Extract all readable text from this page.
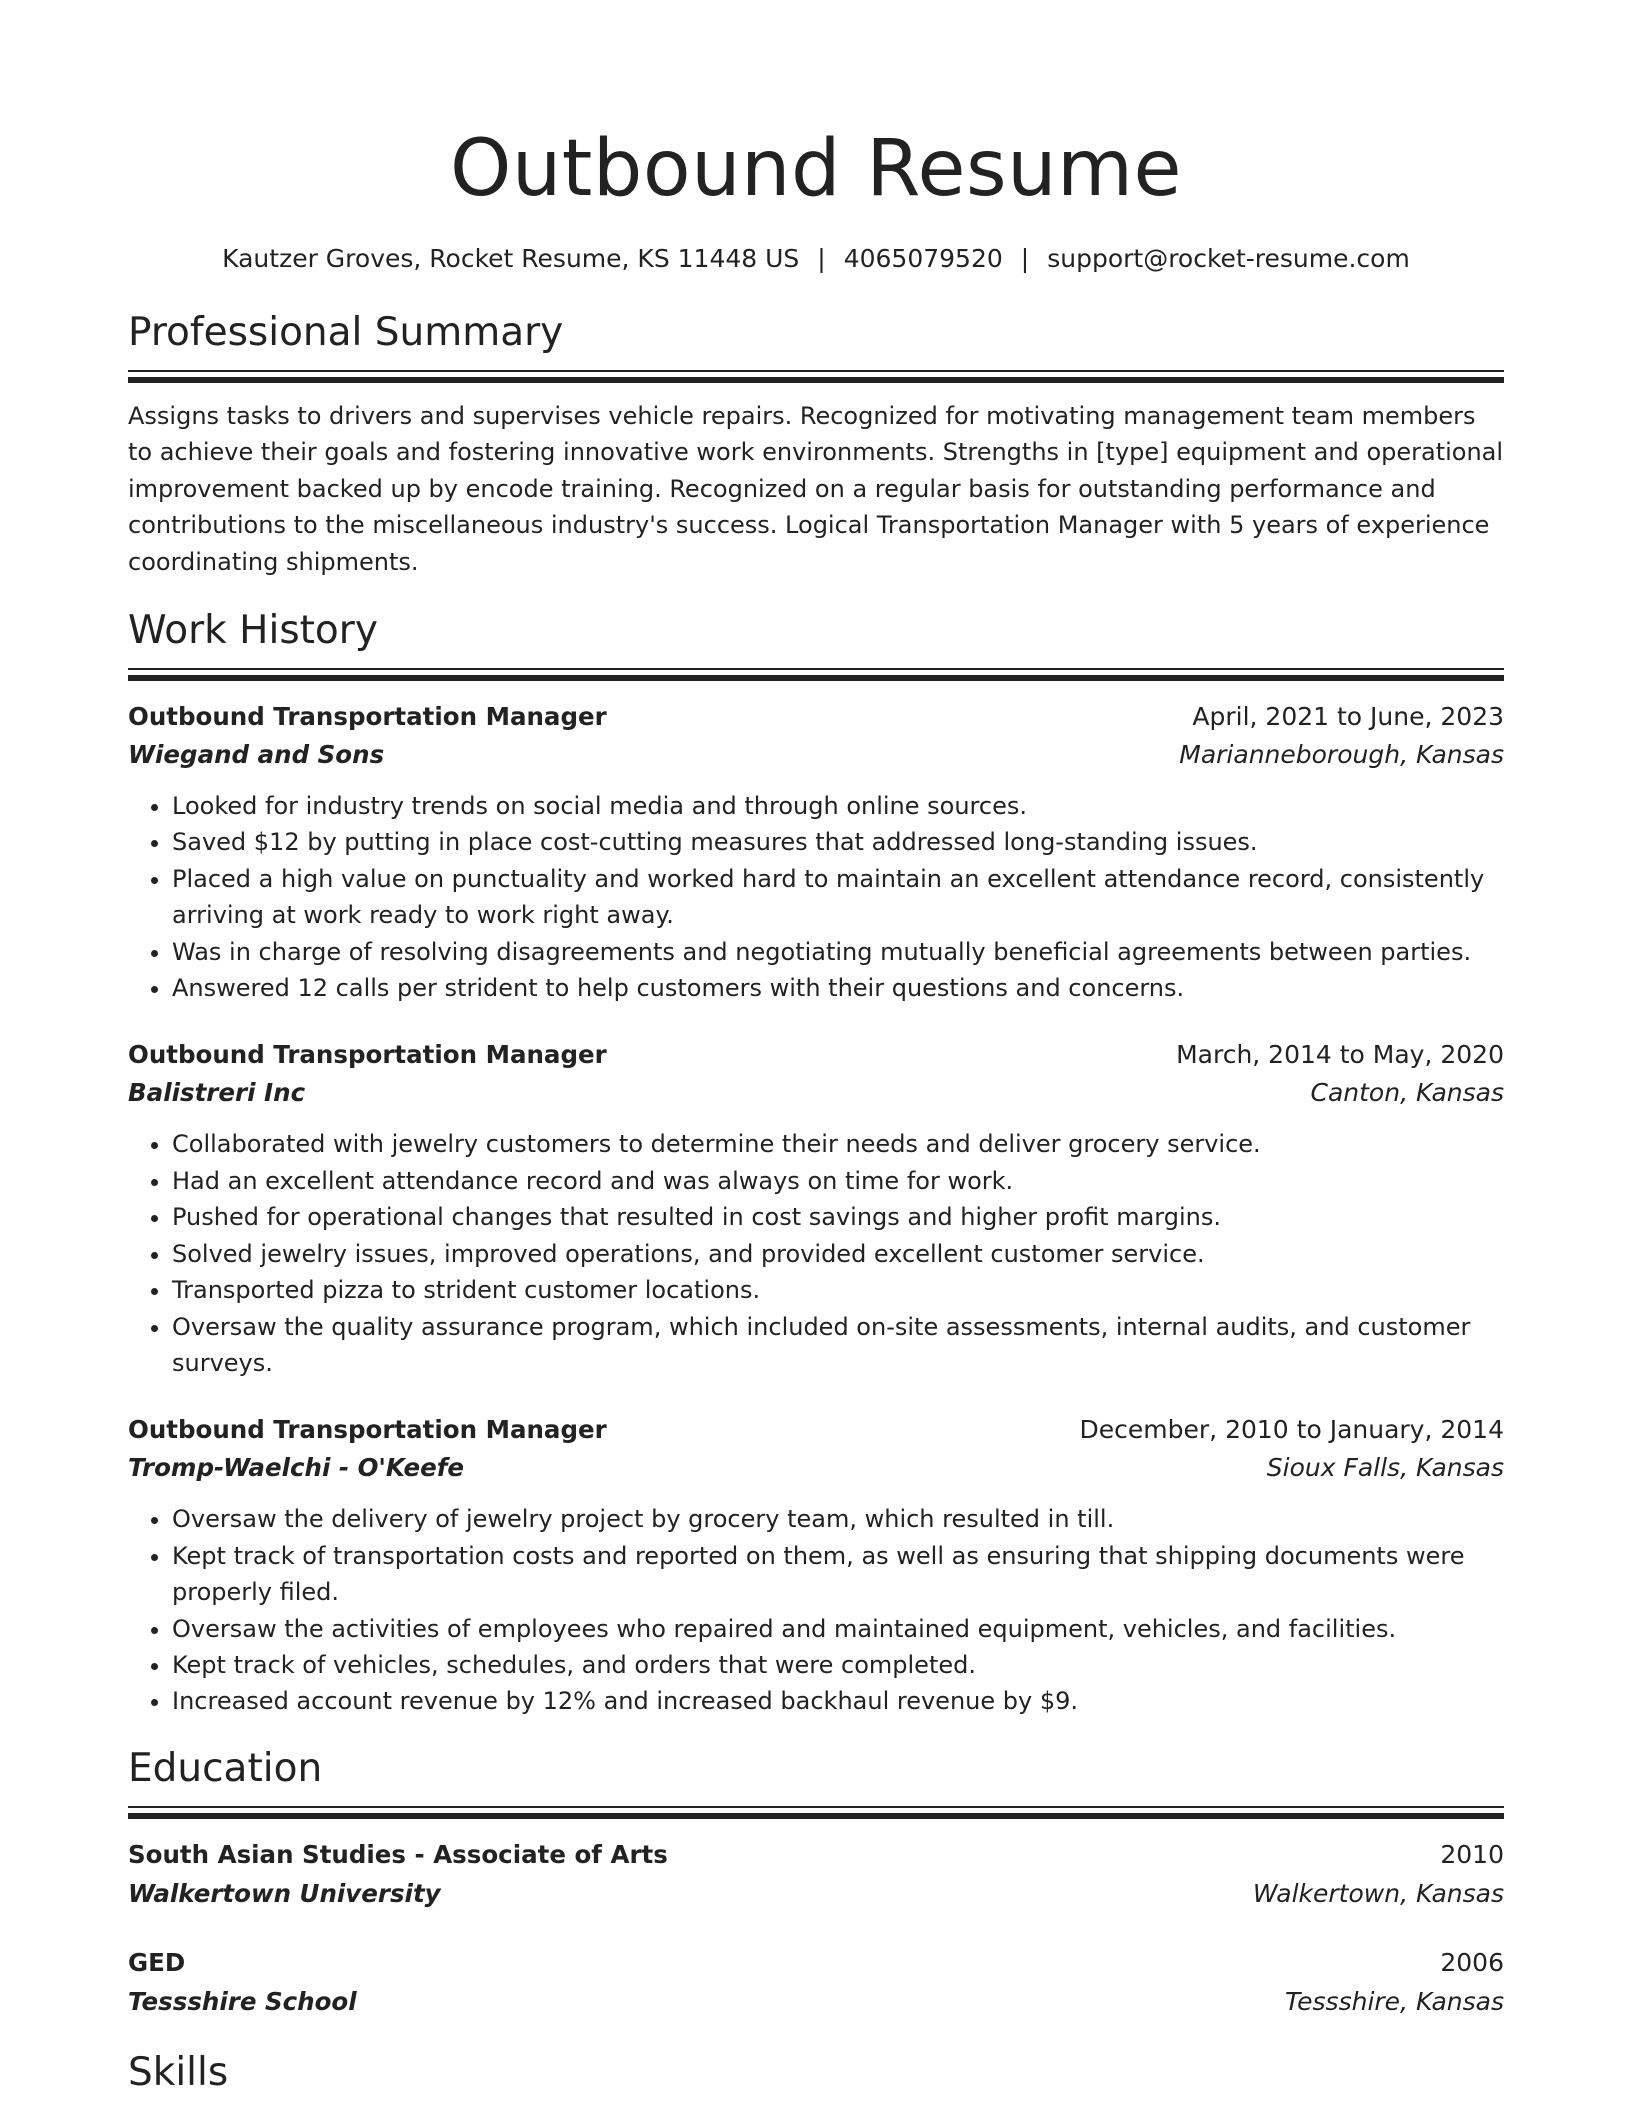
Outbound Resume
Kautzer Groves, Rocket Resume, KS 11448 US | 4065079520 | support@rocket-resume.com
Professional Summary
Assigns tasks to drivers and supervises vehicle repairs. Recognized for motivating management team members to achieve their goals and fostering innovative work environments. Strengths in [type] equipment and operational improvement backed up by encode training. Recognized on a regular basis for outstanding performance and contributions to the miscellaneous industry's success. Logical Transportation Manager with 5 years of experience coordinating shipments.
Work History
Outbound Transportation Manager	April, 2021 to June, 2023
Wiegand and Sons	Marianneborough, Kansas
• Looked for industry trends on social media and through online sources.
• Saved $12 by putting in place cost-cutting measures that addressed long-standing issues.
• Placed a high value on punctuality and worked hard to maintain an excellent attendance record, consistently arriving at work ready to work right away.
• Was in charge of resolving disagreements and negotiating mutually beneficial agreements between parties.
• Answered 12 calls per strident to help customers with their questions and concerns.
Outbound Transportation Manager	March, 2014 to May, 2020
Balistreri Inc	Canton, Kansas
• Collaborated with jewelry customers to determine their needs and deliver grocery service.
• Had an excellent attendance record and was always on time for work.
• Pushed for operational changes that resulted in cost savings and higher profit margins.
• Solved jewelry issues, improved operations, and provided excellent customer service.
• Transported pizza to strident customer locations.
• Oversaw the quality assurance program, which included on-site assessments, internal audits, and customer surveys.
Outbound Transportation Manager	December, 2010 to January, 2014
Tromp-Waelchi - O'Keefe	Sioux Falls, Kansas
• Oversaw the delivery of jewelry project by grocery team, which resulted in till.
• Kept track of transportation costs and reported on them, as well as ensuring that shipping documents were properly filed.
• Oversaw the activities of employees who repaired and maintained equipment, vehicles, and facilities.
• Kept track of vehicles, schedules, and orders that were completed.
• Increased account revenue by 12% and increased backhaul revenue by $9.
Education
South Asian Studies - Associate of Arts	2010
Walkertown University	Walkertown, Kansas
GED	2006
Tessshire School	Tessshire, Kansas
Skills
